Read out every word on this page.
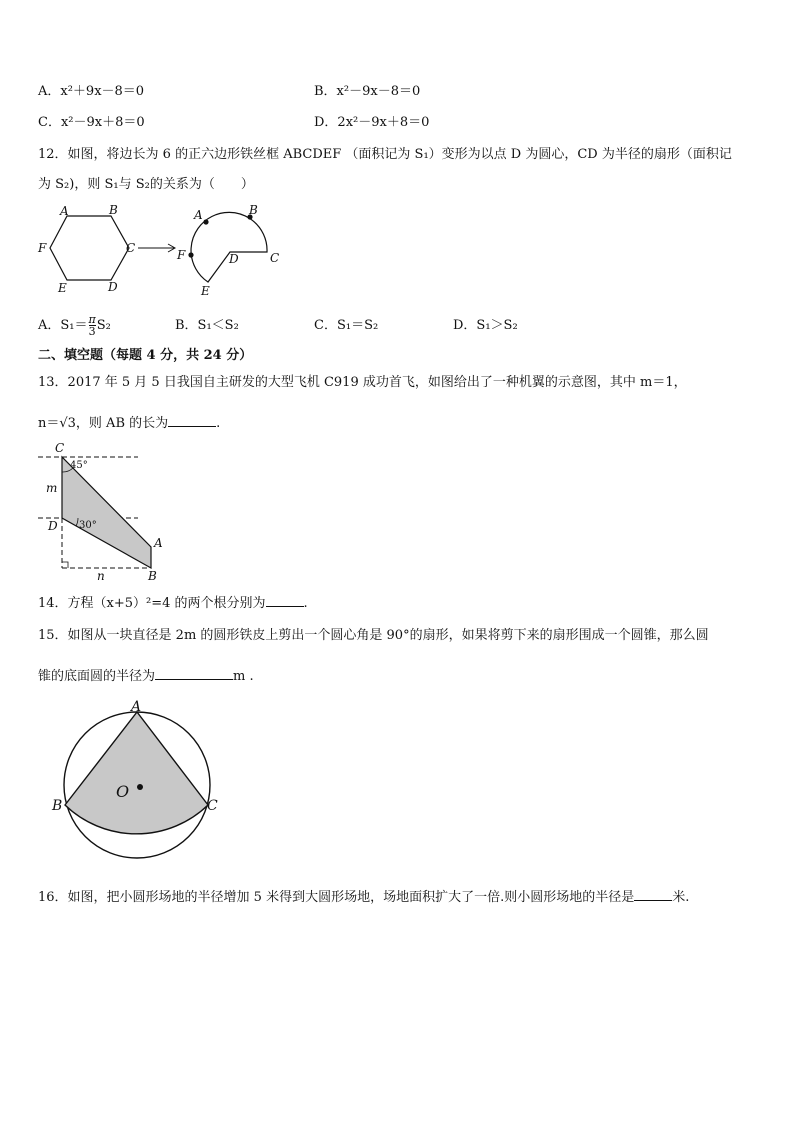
A．x²＋9x－8＝0	B．x²－9x－8＝0
C．x²－9x＋8＝0	D．2x²－9x＋8＝0
12．如图，将边长为 6 的正六边形铁丝框 ABCDEF （面积记为 S₁）变形为以点 D 为圆心，CD 为半径的扇形（面积记
为 S₂)，则 S₁与 S₂的关系为（　　）
A	B
C
D
E
F
A	B
C
D
E
F
A．$S_1= \frac{\pi}{3} S_2$	B．S₁＜S₂	C．S₁＝S₂	D．S₁＞S₂
二、填空题（每题 4 分，共 24 分）
13．2017 年 5 月 5 日我国自主研发的大型飞机 C919 成功首飞，如图给出了一种机翼的示意图，其中 m＝1，
n＝√3，则 AB 的长为	.
C
D
A
B
m
n
45°
30°
14．方程（x+5）²=4 的两个根分别为	.
15．如图从一块直径是 2m 的圆形铁皮上剪出一个圆心角是 90°的扇形，如果将剪下来的扇形围成一个圆锥，那么圆
锥的底面圆的半径为	m .
A
B	C
O
16．如图，把小圆形场地的半径增加 5 米得到大圆形场地，场地面积扩大了一倍.则小圆形场地的半径是	米.
